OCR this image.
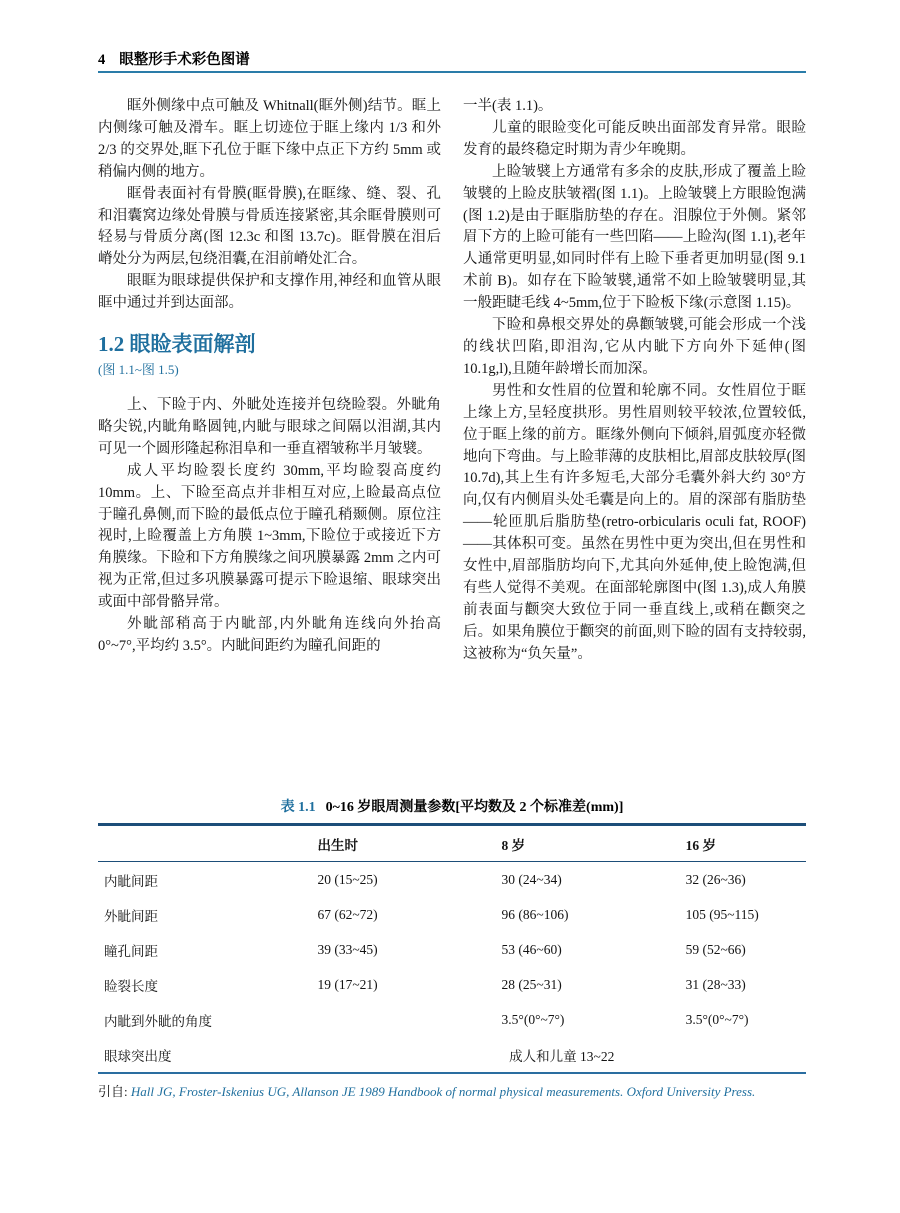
4 眼整形手术彩色图谱

眶外侧缘中点可触及 Whitnall(眶外侧)结节。眶上内侧缘可触及滑车。眶上切迹位于眶上缘内 1/3 和外 2/3 的交界处,眶下孔位于眶下缘中点正下方约 5mm 或稍偏内侧的地方。

眶骨表面衬有骨膜(眶骨膜),在眶缘、缝、裂、孔和泪囊窝边缘处骨膜与骨质连接紧密,其余眶骨膜则可轻易与骨质分离(图 12.3c 和图 13.7c)。眶骨膜在泪后嵴处分为两层,包绕泪囊,在泪前嵴处汇合。

眼眶为眼球提供保护和支撑作用,神经和血管从眼眶中通过并到达面部。

1.2 眼睑表面解剖
(图 1.1~图 1.5)

上、下睑于内、外眦处连接并包绕睑裂。外眦角略尖锐,内眦角略圆钝,内眦与眼球之间隔以泪湖,其内可见一个圆形隆起称泪阜和一垂直褶皱称半月皱襞。

成人平均睑裂长度约 30mm,平均睑裂高度约 10mm。上、下睑至高点并非相互对应,上睑最高点位于瞳孔鼻侧,而下睑的最低点位于瞳孔稍颞侧。原位注视时,上睑覆盖上方角膜 1~3mm,下睑位于或接近下方角膜缘。下睑和下方角膜缘之间巩膜暴露 2mm 之内可视为正常,但过多巩膜暴露可提示下睑退缩、眼球突出或面中部骨骼异常。

外眦部稍高于内眦部,内外眦角连线向外抬高 0°~7°,平均约 3.5°。内眦间距约为瞳孔间距的

一半(表 1.1)。

儿童的眼睑变化可能反映出面部发育异常。眼睑发育的最终稳定时期为青少年晚期。

上睑皱襞上方通常有多余的皮肤,形成了覆盖上睑皱襞的上睑皮肤皱褶(图 1.1)。上睑皱襞上方眼睑饱满(图 1.2)是由于眶脂肪垫的存在。泪腺位于外侧。紧邻眉下方的上睑可能有一些凹陷——上睑沟(图 1.1),老年人通常更明显,如同时伴有上睑下垂者更加明显(图 9.1 术前 B)。如存在下睑皱襞,通常不如上睑皱襞明显,其一般距睫毛线 4~5mm,位于下睑板下缘(示意图 1.15)。

下睑和鼻根交界处的鼻颧皱襞,可能会形成一个浅的线状凹陷,即泪沟,它从内眦下方向外下延伸(图 10.1g,l),且随年龄增长而加深。

男性和女性眉的位置和轮廓不同。女性眉位于眶上缘上方,呈轻度拱形。男性眉则较平较浓,位置较低,位于眶上缘的前方。眶缘外侧向下倾斜,眉弧度亦轻微地向下弯曲。与上睑菲薄的皮肤相比,眉部皮肤较厚(图 10.7d),其上生有许多短毛,大部分毛囊外斜大约 30°方向,仅有内侧眉头处毛囊是向上的。眉的深部有脂肪垫——轮匝肌后脂肪垫(retro-orbicularis oculi fat, ROOF)——其体积可变。虽然在男性中更为突出,但在男性和女性中,眉部脂肪均向下,尤其向外延伸,使上睑饱满,但有些人觉得不美观。在面部轮廓图中(图 1.3),成人角膜前表面与颧突大致位于同一垂直线上,或稍在颧突之后。如果角膜位于颧突的前面,则下睑的固有支持较弱,这被称为“负矢量”。

表 1.1 0~16 岁眼周测量参数[平均数及 2 个标准差(mm)]
	出生时	8 岁	16 岁
内眦间距	20 (15~25)	30 (24~34)	32 (26~36)
外眦间距	67 (62~72)	96 (86~106)	105 (95~115)
瞳孔间距	39 (33~45)	53 (46~60)	59 (52~66)
睑裂长度	19 (17~21)	28 (25~31)	31 (28~33)
内眦到外眦的角度		3.5°(0°~7°)	3.5°(0°~7°)
眼球突出度	成人和儿童 13~22		
引自: Hall JG, Froster-Iskenius UG, Allanson JE 1989 Handbook of normal physical measurements. Oxford University Press.
